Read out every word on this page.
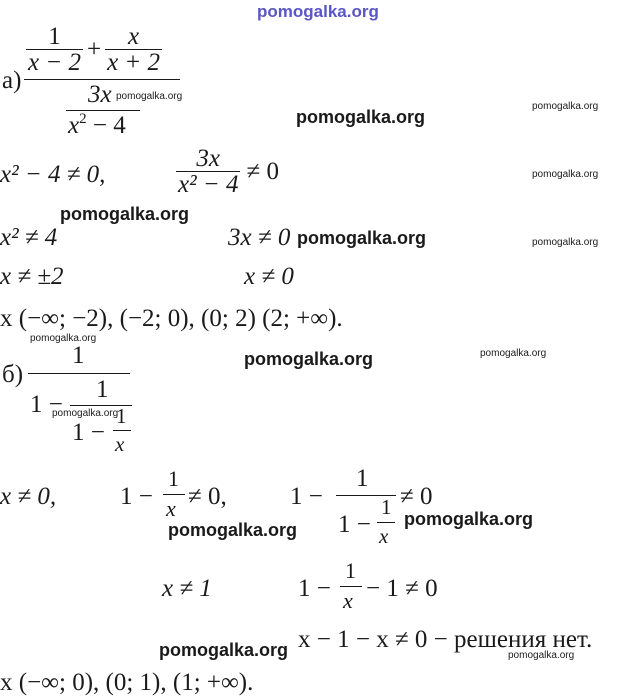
pomogalka.org
а)
$\frac{1}{x - 2} + \frac{x}{x + 2}$
3x
$x^2 - 4$
x² − 4 ≠ 0,	$\frac{3x}{\text{x² − 4}} \ne 0$
x² ≠ 4	3x ≠ 0
x ≠ ±2	x ≠ 0
x (−∞; −2), (−2; 0), (0; 2) (2; +∞).
б)
1
1 −
1
1 −
1
x
x ≠ 0,	1 −
1
x ≠ 0,	1 −
1
1 −
1
x
≠ 0
x ≠ 1	1 −
1
x − 1 ≠ 0
x − 1 − x ≠ 0 − решения нет.
x (−∞; 0), (0; 1), (1; +∞).
pomogalka.org
pomogalka.org
pomogalka.org
pomogalka.org
pomogalka.org
pomogalka.org	pomogalka.org
pomogalka.org
pomogalka.org	pomogalka.org
pomogalka.org
pomogalka.org
pomogalka.org
pomogalka.org	pomogalka.org
